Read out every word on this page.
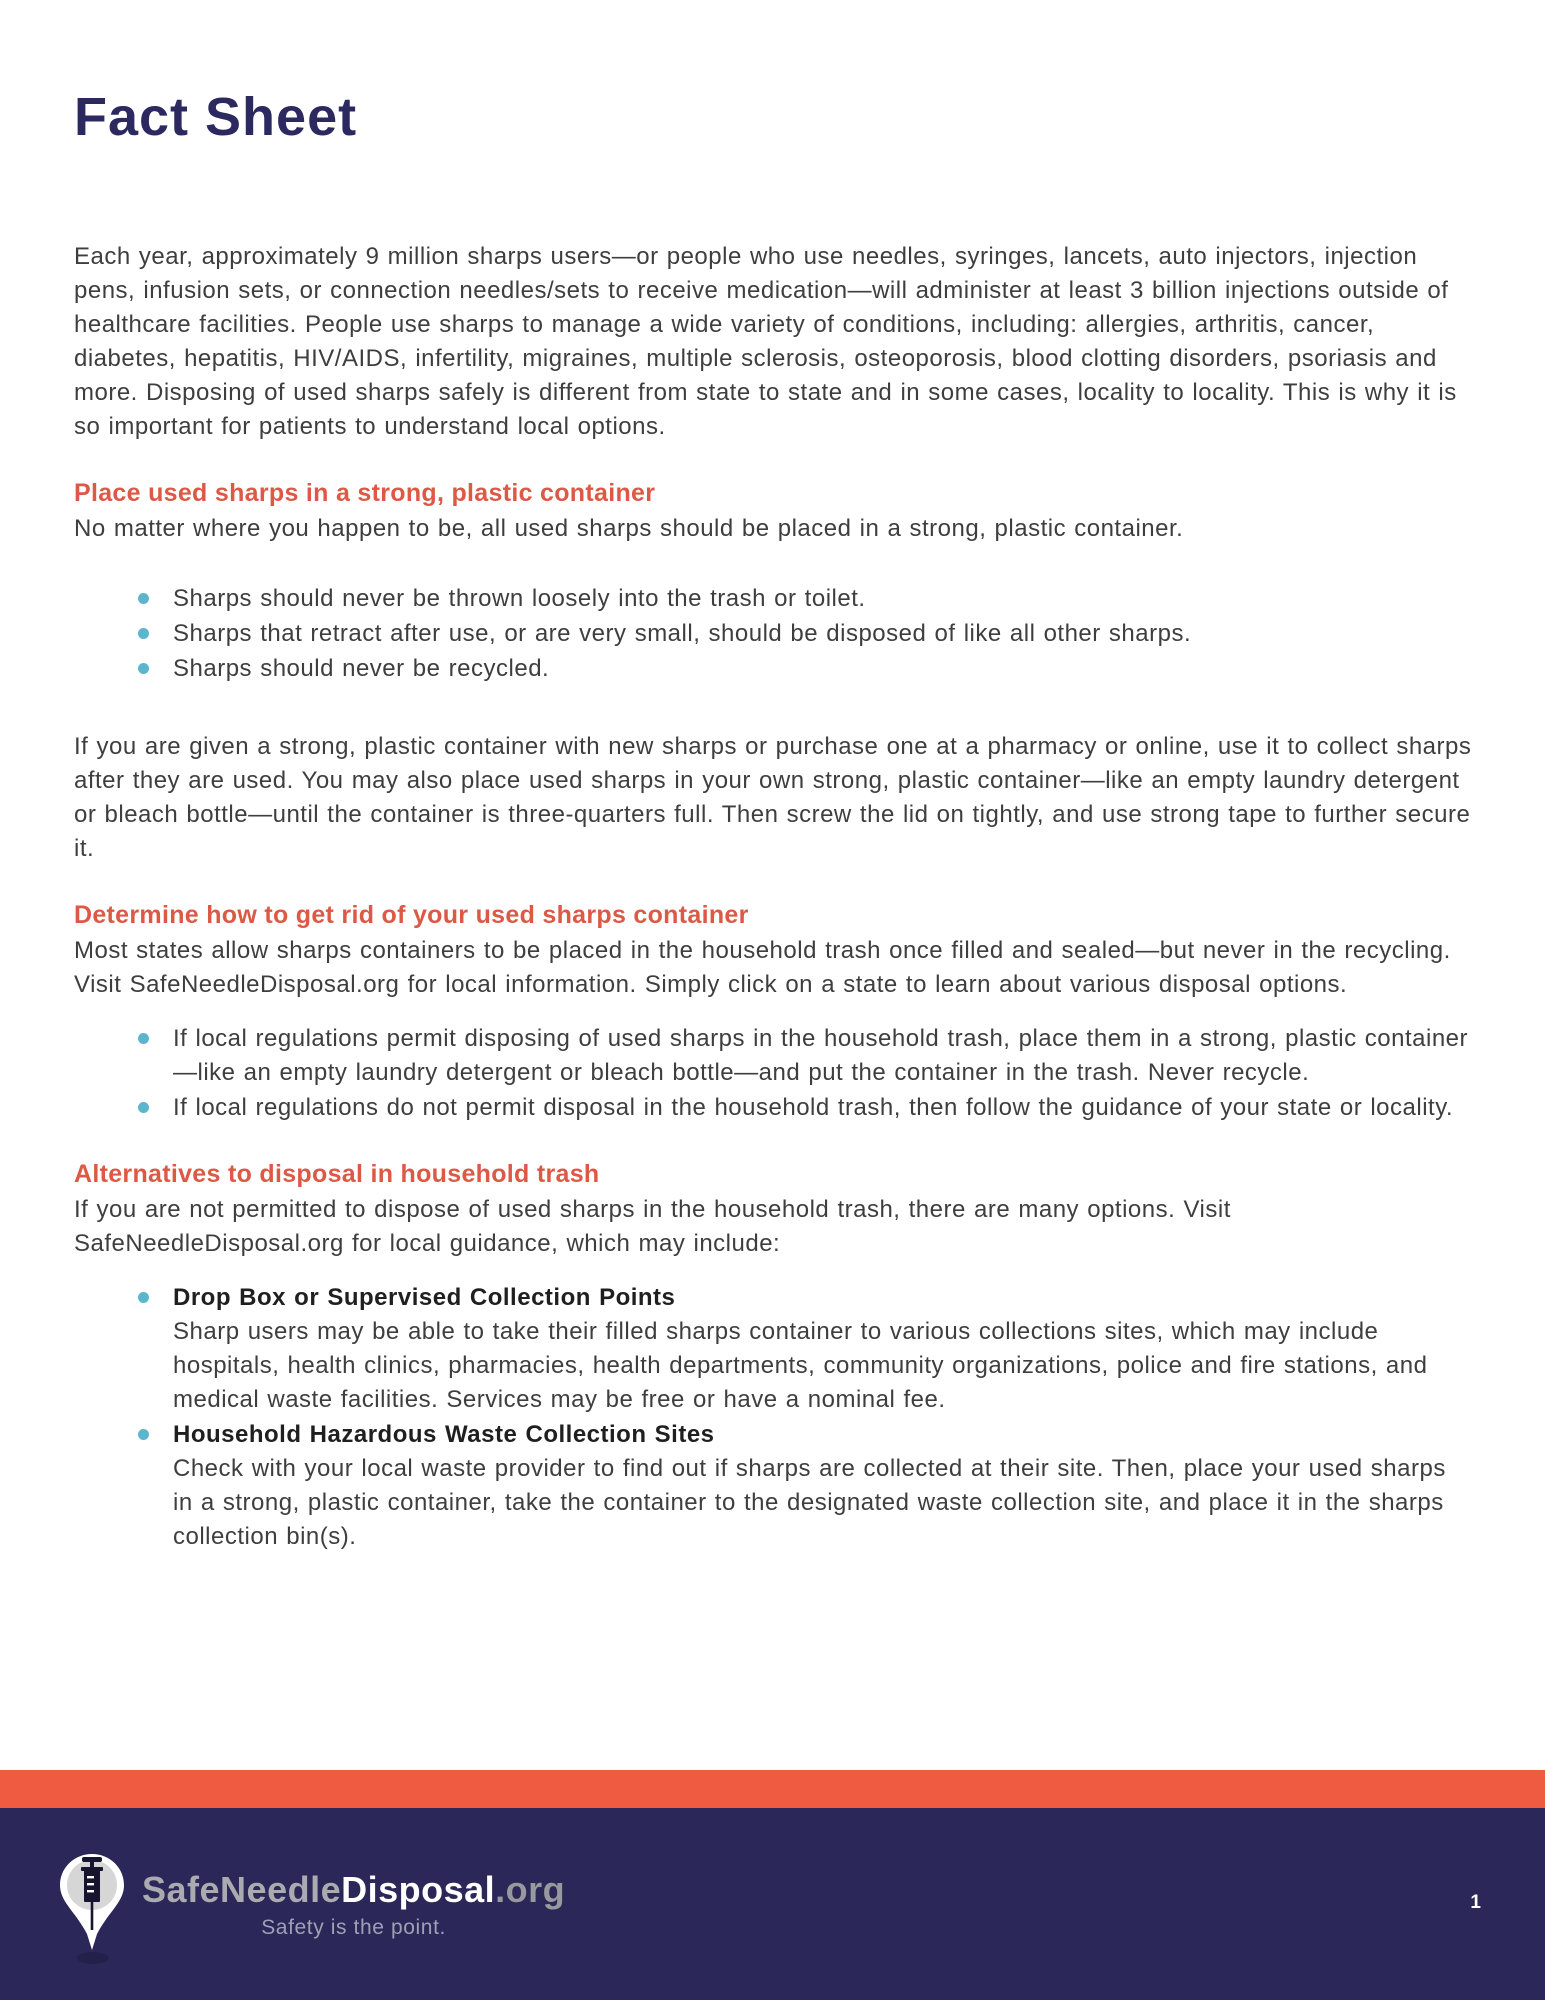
Fact Sheet

Each year, approximately 9 million sharps users—or people who use needles, syringes, lancets, auto injectors, injection pens, infusion sets, or connection needles/sets to receive medication—will administer at least 3 billion injections outside of healthcare facilities. People use sharps to manage a wide variety of conditions, including: allergies, arthritis, cancer, diabetes, hepatitis, HIV/AIDS, infertility, migraines, multiple sclerosis, osteoporosis, blood clotting disorders, psoriasis and more. Disposing of used sharps safely is different from state to state and in some cases, locality to locality. This is why it is so important for patients to understand local options.

Place used sharps in a strong, plastic container

No matter where you happen to be, all used sharps should be placed in a strong, plastic container.

Sharps should never be thrown loosely into the trash or toilet.
Sharps that retract after use, or are very small, should be disposed of like all other sharps.
Sharps should never be recycled.

If you are given a strong, plastic container with new sharps or purchase one at a pharmacy or online, use it to collect sharps after they are used. You may also place used sharps in your own strong, plastic container—like an empty laundry detergent or bleach bottle—until the container is three-quarters full. Then screw the lid on tightly, and use strong tape to further secure it.

Determine how to get rid of your used sharps container

Most states allow sharps containers to be placed in the household trash once filled and sealed—but never in the recycling. Visit SafeNeedleDisposal.org for local information. Simply click on a state to learn about various disposal options.

If local regulations permit disposing of used sharps in the household trash, place them in a strong, plastic container—like an empty laundry detergent or bleach bottle—and put the container in the trash. Never recycle.
If local regulations do not permit disposal in the household trash, then follow the guidance of your state or locality.
Alternatives to disposal in household trash

If you are not permitted to dispose of used sharps in the household trash, there are many options. Visit SafeNeedleDisposal.org for local guidance, which may include:

Drop Box or Supervised Collection Points
Sharp users may be able to take their filled sharps container to various collections sites, which may include hospitals, health clinics, pharmacies, health departments, community organizations, police and fire stations, and medical waste facilities. Services may be free or have a nominal fee.
Household Hazardous Waste Collection Sites
Check with your local waste provider to find out if sharps are collected at their site. Then, place your used sharps in a strong, plastic container, take the container to the designated waste collection site, and place it in the sharps collection bin(s).
SafeNeedleDisposal.org
Safety is the point.
1
